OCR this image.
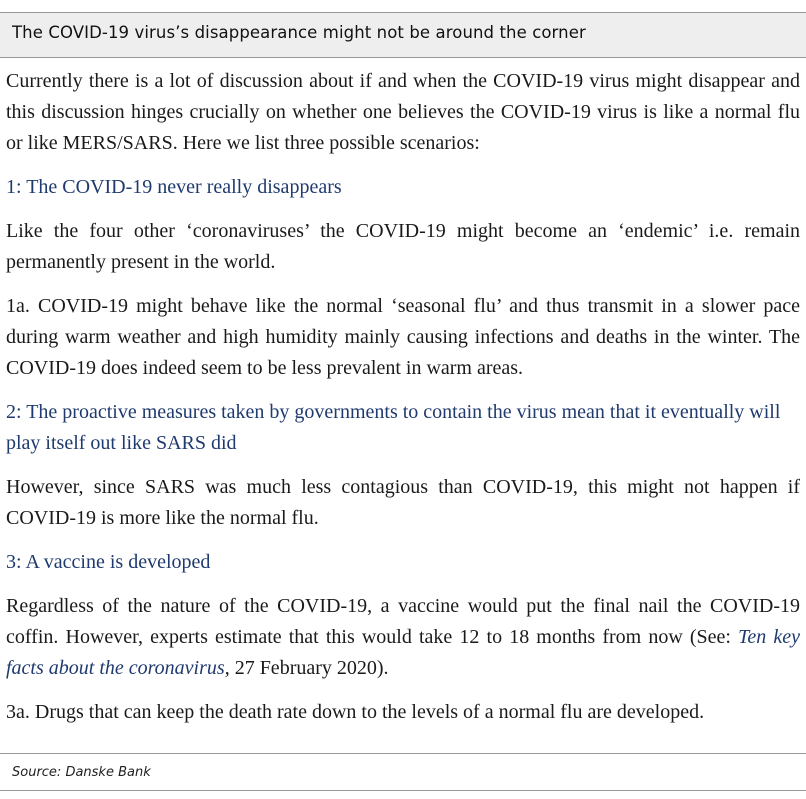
The COVID-19 virus’s disappearance might not be around the corner
Source: Danske Bank

Currently there is a lot of discussion about if and when the COVID-19 virus might disappear and this discussion hinges crucially on whether one believes the COVID-19 virus is like a normal flu or like MERS/SARS. Here we list three possible scenarios:

1: The COVID-19 never really disappears

Like the four other ‘coronaviruses’ the COVID-19 might become an ‘endemic’ i.e. remain permanently present in the world.

1a. COVID-19 might behave like the normal ‘seasonal flu’ and thus transmit in a slower pace during warm weather and high humidity mainly causing infections and deaths in the winter. The COVID-19 does indeed seem to be less prevalent in warm areas.

2: The proactive measures taken by governments to contain the virus mean that it eventually will play itself out like SARS did

However, since SARS was much less contagious than COVID-19, this might not happen if COVID-19 is more like the normal flu.

3: A vaccine is developed

Regardless of the nature of the COVID-19, a vaccine would put the final nail the COVID-19 coffin. However, experts estimate that this would take 12 to 18 months from now (See: Ten key facts about the coronavirus, 27 February 2020).

3a. Drugs that can keep the death rate down to the levels of a normal flu are developed.
